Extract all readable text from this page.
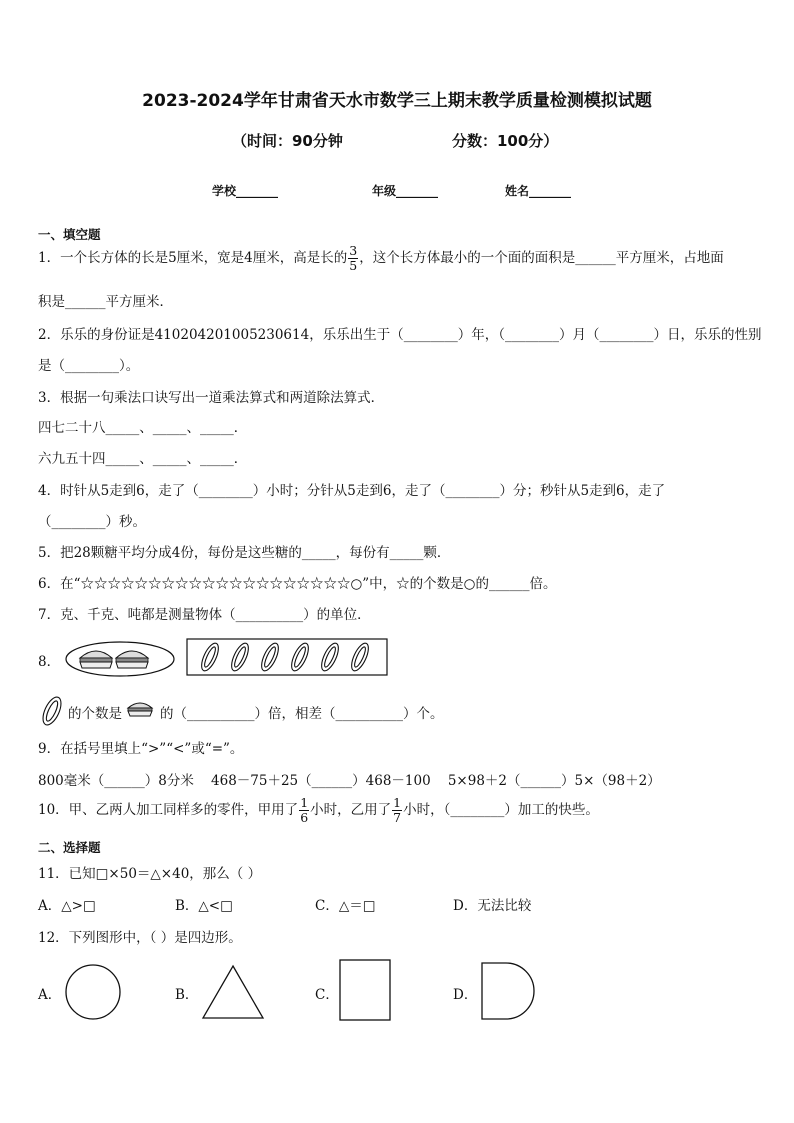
2023-2024学年甘肃省天水市数学三上期末教学质量检测模拟试题
（时间：90分钟	分数：100分）
学校_______	年级_______	姓名_______
一、填空题
1．一个长方体的长是5厘米，宽是4厘米，高是长的 $\frac{3}{5}$ ，这个长方体最小的一个面的面积是______平方厘米，占地面
积是______平方厘米．
2．乐乐的身份证是410204201005230614，乐乐出生于（________）年，（________）月（________）日，乐乐的性别
是（________）。
3．根据一句乘法口诀写出一道乘法算式和两道除法算式．
四七二十八_____、_____、_____．
六九五十四_____、_____、_____．
4．时针从5走到6，走了（________）小时；分针从5走到6，走了（________）分；秒针从5走到6，走了
（________）秒。
5．把28颗糖平均分成4份，每份是这些糖的_____，每份有_____颗．
6．在“☆☆☆☆☆☆☆☆☆☆☆☆☆☆☆☆☆☆☆☆○”中，☆的个数是○的______倍。
7．克、千克、吨都是测量物体（__________）的单位．
8．
的个数是	的（__________）倍，相差（__________）个。
9．在括号里填上“>”“<”或“=”。
800毫米（______）8分米    468－75＋25（______）468－100    5×98＋2（______）5×（98＋2）
10．甲、乙两人加工同样多的零件，甲用了 $\frac{1}{6}$ 小时，乙用了 $\frac{1}{7}$ 小时，（________）加工的快些。
二、选择题
11．已知□×50＝△×40，那么（ ）
A．△>□	B．△<□	C．△＝□	D．无法比较
12．下列图形中，（ ）是四边形。
A．	B．	C．	D．
